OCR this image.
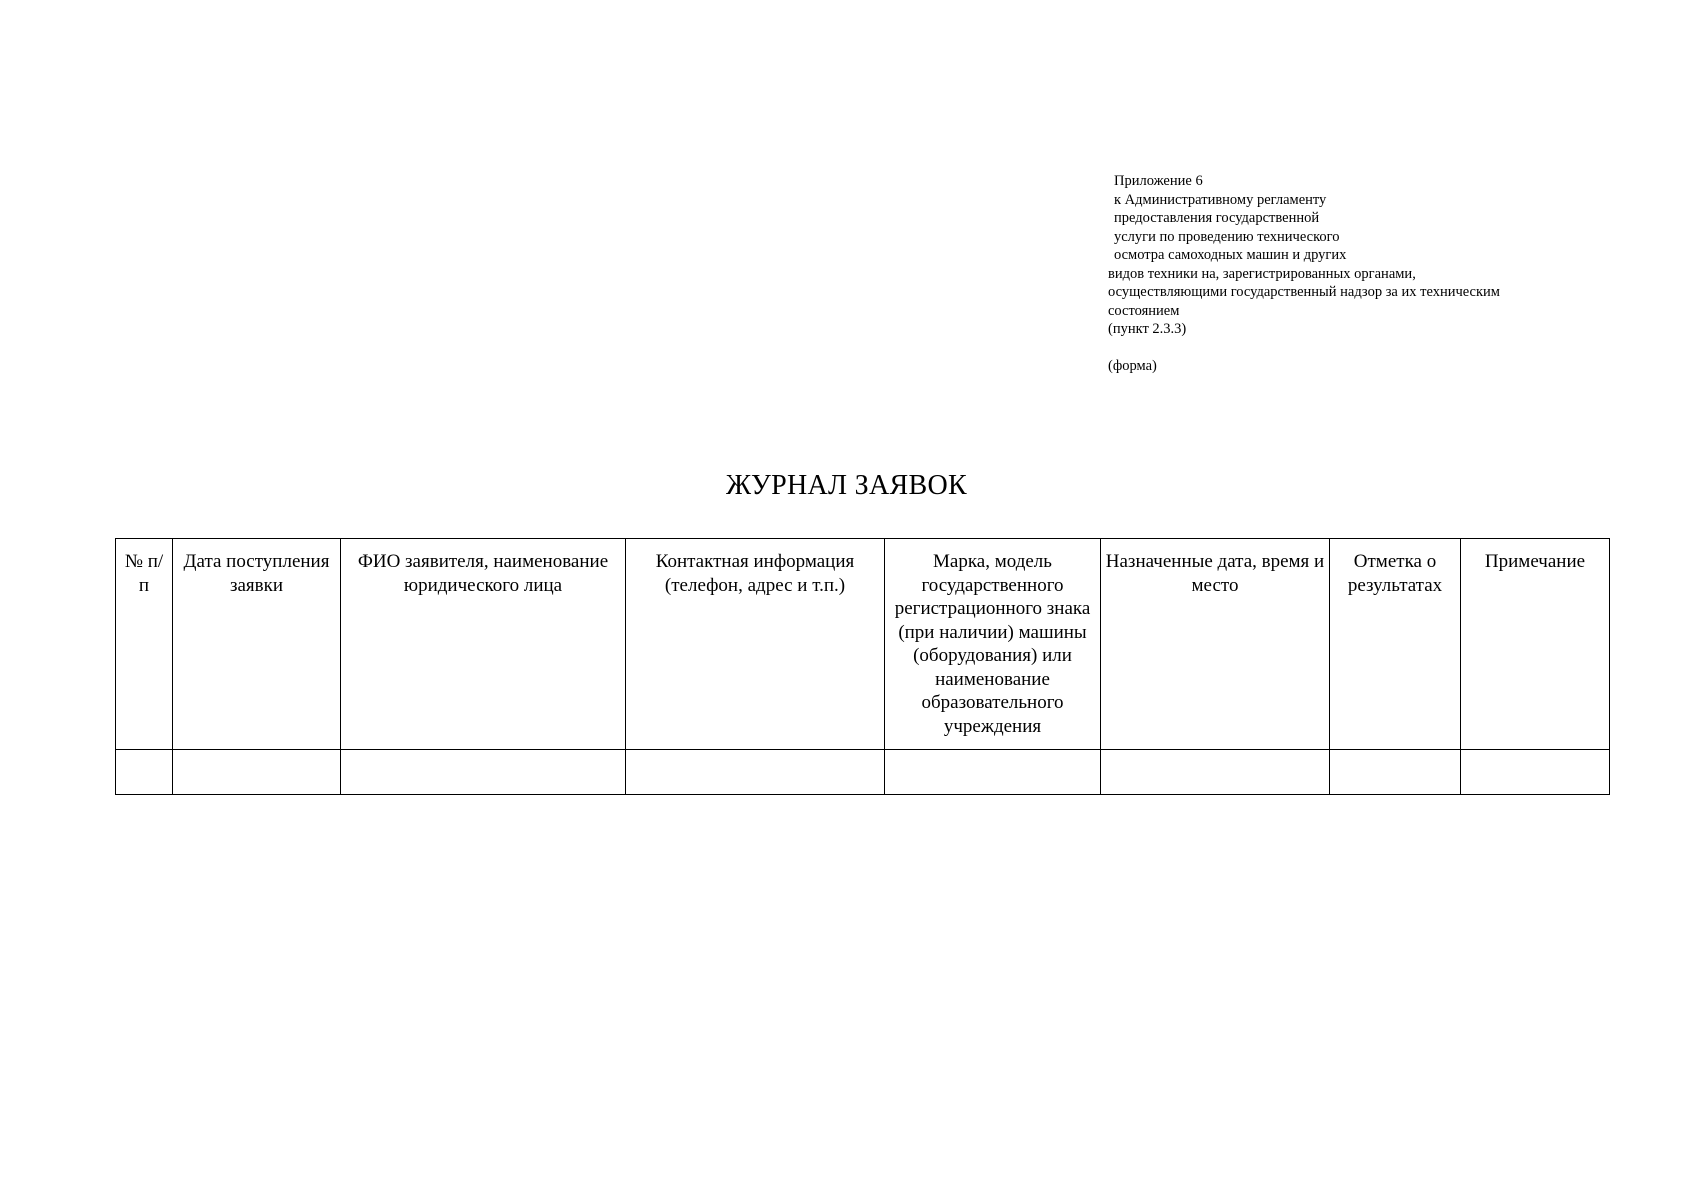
Приложение 6
к Административному регламенту
предоставления государственной
услуги по проведению технического
осмотра самоходных машин и других
видов техники на, зарегистрированных органами,
осуществляющими государственный надзор за их техническим
состоянием
(пункт 2.3.3)
(форма)
ЖУРНАЛ ЗАЯВОК
№ п/п	Дата поступления заявки	ФИО заявителя, наименование юридического лица	Контактная информация (телефон, адрес и т.п.)	Марка, модель государственного регистрационного знака (при наличии) машины (оборудования) или наименование образовательного учреждения	Назначенные дата, время и место	Отметка о результатах	Примечание
